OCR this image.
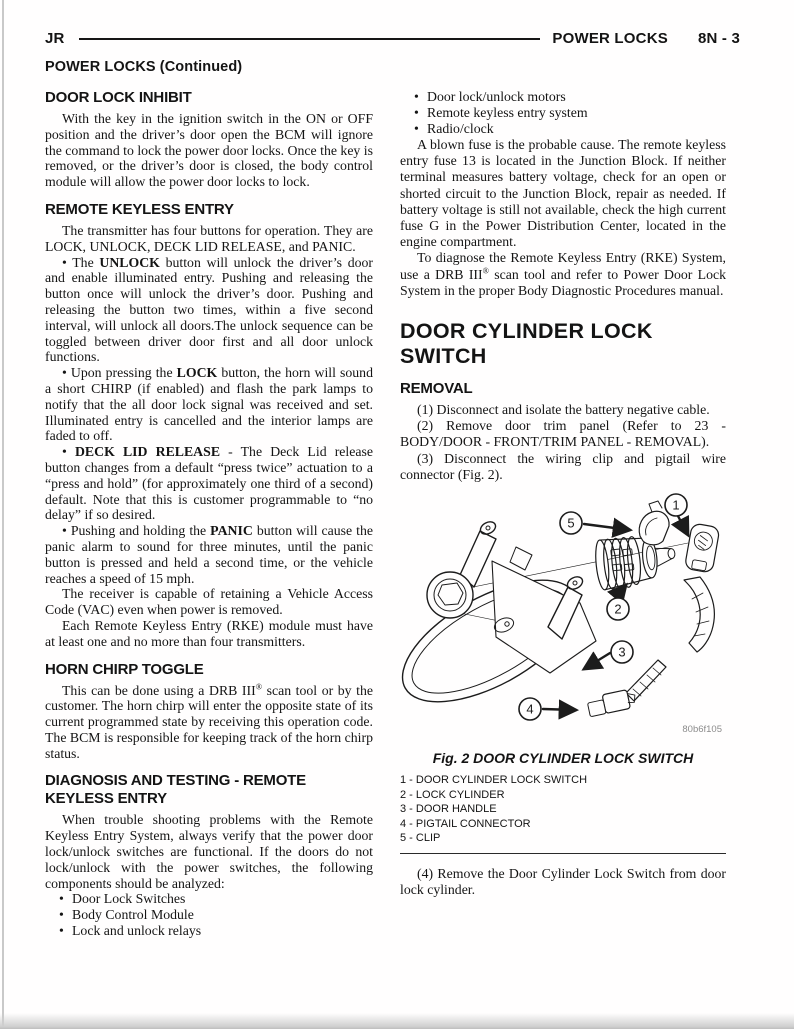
JR	POWER LOCKS 8N - 3
POWER LOCKS (Continued)
DOOR LOCK INHIBIT

With the key in the ignition switch in the ON or OFF position and the driver’s door open the BCM will ignore the command to lock the power door locks. Once the key is removed, or the driver’s door is closed, the body control module will allow the power door locks to lock.

REMOTE KEYLESS ENTRY

The transmitter has four buttons for operation. They are LOCK, UNLOCK, DECK LID RELEASE, and PANIC.

• The UNLOCK button will unlock the driver’s door and enable illuminated entry. Pushing and releasing the button once will unlock the driver’s door. Pushing and releasing the button two times, within a five second interval, will unlock all doors.The unlock sequence can be toggled between driver door first and all door unlock functions.

• Upon pressing the LOCK button, the horn will sound a short CHIRP (if enabled) and flash the park lamps to notify that the all door lock signal was received and set. Illuminated entry is cancelled and the interior lamps are faded to off.

• DECK LID RELEASE - The Deck Lid release button changes from a default “press twice” actuation to a “press and hold” (for approximately one third of a second) default. Note that this is customer programmable to “no delay” if so desired.

• Pushing and holding the PANIC button will cause the panic alarm to sound for three minutes, until the panic button is pressed and held a second time, or the vehicle reaches a speed of 15 mph.

The receiver is capable of retaining a Vehicle Access Code (VAC) even when power is removed.

Each Remote Keyless Entry (RKE) module must have at least one and no more than four transmitters.

HORN CHIRP TOGGLE

This can be done using a DRB III® scan tool or by the customer. The horn chirp will enter the opposite state of its current programmed state by receiving this operation code. The BCM is responsible for keeping track of the horn chirp status.

DIAGNOSIS AND TESTING - REMOTE KEYLESS ENTRY

When trouble shooting problems with the Remote Keyless Entry System, always verify that the power door lock/unlock switches are functional. If the doors do not lock/unlock with the power switches, the following components should be analyzed:

• Door Lock Switches
• Body Control Module
• Lock and unlock relays
• Door lock/unlock motors
• Remote keyless entry system
• Radio/clock

A blown fuse is the probable cause. The remote keyless entry fuse 13 is located in the Junction Block. If neither terminal measures battery voltage, check for an open or shorted circuit to the Junction Block, repair as needed. If battery voltage is still not available, check the high current fuse G in the Power Distribution Center, located in the engine compartment.

To diagnose the Remote Keyless Entry (RKE) System, use a DRB III® scan tool and refer to Power Door Lock System in the proper Body Diagnostic Procedures manual.

DOOR CYLINDER LOCK SWITCH
REMOVAL

(1) Disconnect and isolate the battery negative cable.

(2) Remove door trim panel (Refer to 23 - BODY/DOOR - FRONT/TRIM PANEL - REMOVAL).

(3) Disconnect the wiring clip and pigtail wire connector (Fig. 2).

1
5
2
3
4
80b6f105
Fig. 2 DOOR CYLINDER LOCK SWITCH
1 - DOOR CYLINDER LOCK SWITCH
2 - LOCK CYLINDER
3 - DOOR HANDLE
4 - PIGTAIL CONNECTOR
5 - CLIP

(4) Remove the Door Cylinder Lock Switch from door lock cylinder.
